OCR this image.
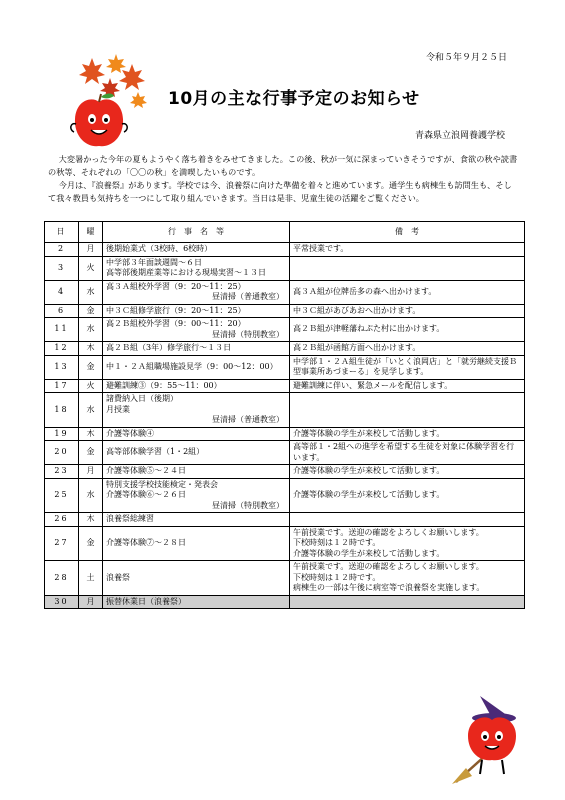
令和５年９月２５日
10月の主な行事予定のお知らせ
青森県立浪岡養護学校

大変暑かった今年の夏もようやく落ち着きをみせてきました。この後、秋が一気に深まっていきそうですが、食欲の秋や読書の秋等、それぞれの「〇〇の秋」を満喫したいものです。

今月は、『浪養祭』があります。学校では今、浪養祭に向けた準備を着々と進めています。通学生も病棟生も訪問生も、そして我々教員も気持ちを一つにして取り組んでいきます。当日は是非、児童生徒の活躍をご覧ください。

日	曜	行　事　名　等	備　考
2	月	後期始業式（3校時、6校時）	平常授業です。

3	火	中学部３年面談週間～６日
高等部後期産業等における現場実習～１３日	

4	水	高３Ａ組校外学習（9：20～11：25）
昼清掃（普通教室）	高３Ａ組が位牌岳多の森へ出かけます。

6	金	中３Ｃ組修学旅行（9：20～11：25）	中３Ｃ組があびあおへ出かけます。

11	水	高２Ｂ組校外学習（9：00～11：20）
昼清掃（特別教室）	高２Ｂ組が津軽藩ねぷた村に出かけます。

12	木	高２Ｂ組（3年）修学旅行～１３日	高２Ｂ組が函館方面へ出かけます。

13	金	中１・２Ａ組職場施設見学（9：00～12：00）	中学部１・２Ａ組生徒が「いとく浪岡店」と「就労継続支援Ｂ型事業所あづまーる」を見学します。

17	火	避難訓練③（9：55～11：00）	避難訓練に伴い、緊急メールを配信します。

18	水	諸費納入日（後期）
月授業
昼清掃（普通教室）	

19	木	介護等体験④	介護等体験の学生が来校して活動します。

20	金	高等部体験学習（1・2組）	高等部１・2組への進学を希望する生徒を対象に体験学習を行います。

23	月	介護等体験⑤～２４日	介護等体験の学生が来校して活動します。

25	水	特別支援学校技能検定・発表会
介護等体験⑥～２６日
昼清掃（特別教室）	介護等体験の学生が来校して活動します。

26	木	浪養祭総練習	

27	金	介護等体験⑦～２８日	午前授業です。送迎の確認をよろしくお願いします。
下校時刻は１２時です。
介護等体験の学生が来校して活動します。

28	土	浪養祭	午前授業です。送迎の確認をよろしくお願いします。
下校時刻は１２時です。
病棟生の一部は午後に病室等で浪養祭を実施します。

30	月	振替休業日（浪養祭）	
